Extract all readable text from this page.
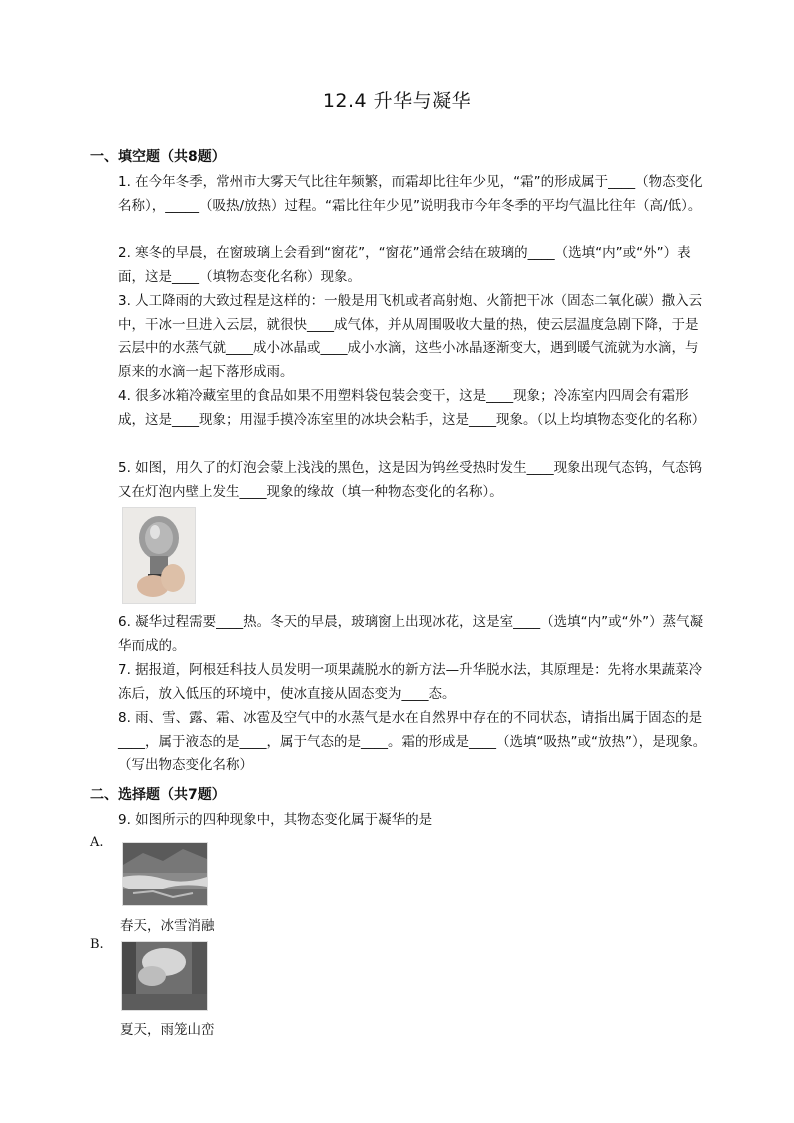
12.4 升华与凝华
一、填空题（共8题）
1. 在今年冬季，常州市大雾天气比往年频繁，而霜却比往年少见，“霜”的形成属于____（物态变化名称），_____（吸热/放热）过程。“霜比往年少见”说明我市今年冬季的平均气温比往年（高/低）。
2. 寒冬的早晨，在窗玻璃上会看到“窗花”，“窗花”通常会结在玻璃的____（选填“内”或“外”）表面，这是____（填物态变化名称）现象。
3. 人工降雨的大致过程是这样的：一般是用飞机或者高射炮、火箭把干冰（固态二氧化碳）撒入云中，干冰一旦进入云层，就很快____成气体，并从周围吸收大量的热，使云层温度急剧下降，于是云层中的水蒸气就____成小冰晶或____成小水滴，这些小冰晶逐渐变大，遇到暖气流就为水滴，与原来的水滴一起下落形成雨。
4. 很多冰箱冷藏室里的食品如果不用塑料袋包装会变干，这是____现象；冷冻室内四周会有霜形成，这是____现象；用湿手摸冷冻室里的冰块会粘手，这是____现象。（以上均填物态变化的名称）
5. 如图，用久了的灯泡会蒙上浅浅的黑色，这是因为钨丝受热时发生____现象出现气态钨，气态钨又在灯泡内壁上发生____现象的缘故（填一种物态变化的名称）。
6. 凝华过程需要____热。冬天的早晨，玻璃窗上出现冰花，这是室____（选填“内”或“外”）蒸气凝华而成的。
7. 据报道，阿根廷科技人员发明一项果蔬脱水的新方法—升华脱水法，其原理是：先将水果蔬菜冷冻后，放入低压的环境中，使冰直接从固态变为____态。
8. 雨、雪、露、霜、冰雹及空气中的水蒸气是水在自然界中存在的不同状态，请指出属于固态的是____，属于液态的是____，属于气态的是____。霜的形成是____（选填“吸热”或“放热”），是现象。（写出物态变化名称）
二、选择题（共7题）
9. 如图所示的四种现象中，其物态变化属于凝华的是
A.
春天，冰雪消融
B.
夏天，雨笼山峦
